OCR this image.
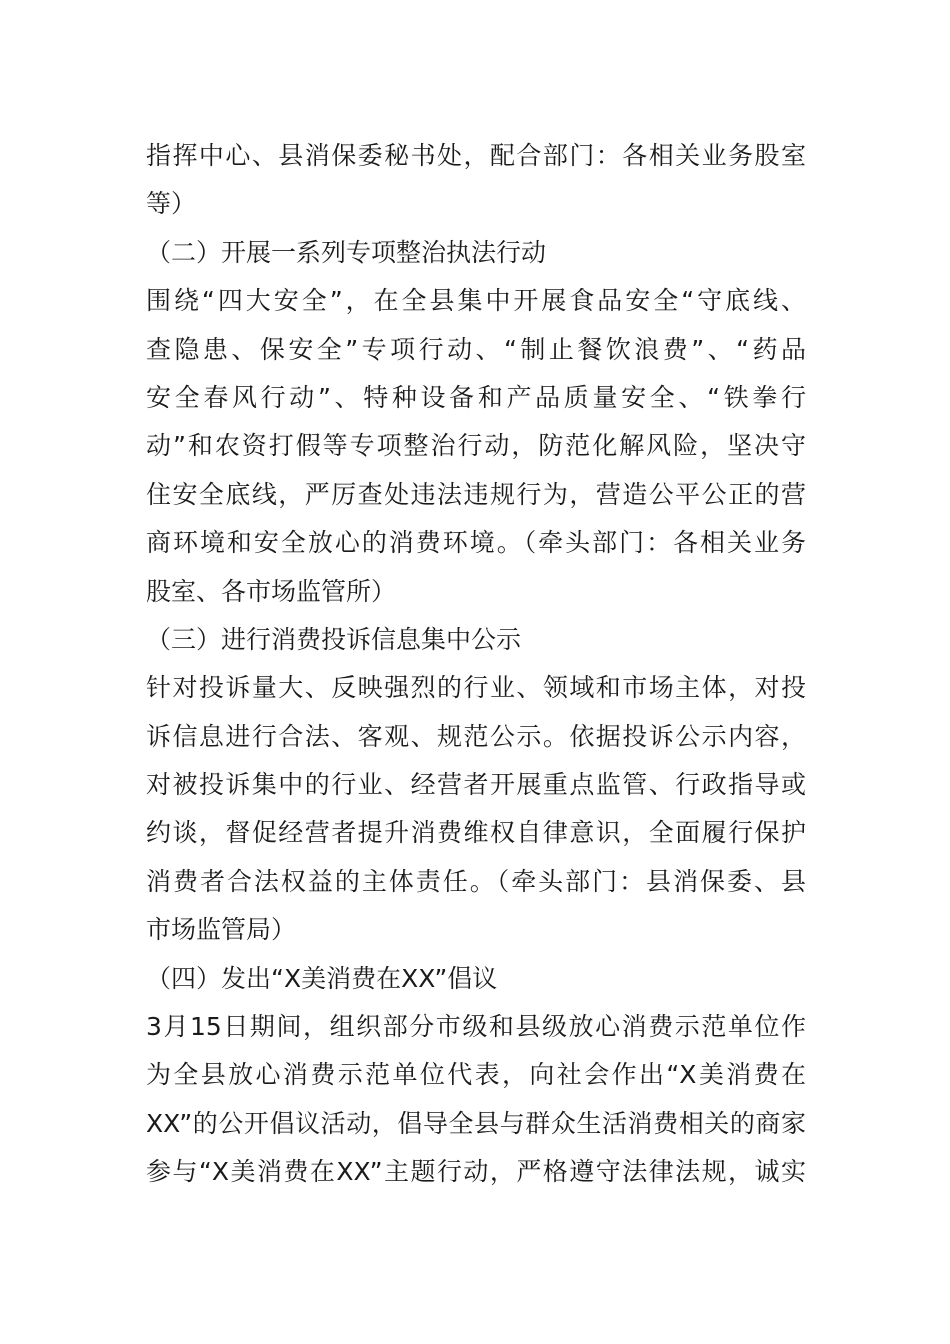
指挥中心、县消保委秘书处，配合部门：各相关业务股室
等）
（二）开展一系列专项整治执法行动
围绕“四大安全”，在全县集中开展食品安全“守底线、
查隐患、保安全”专项行动、“制止餐饮浪费”、“药品
安全春风行动”、特种设备和产品质量安全、“铁拳行
动”和农资打假等专项整治行动，防范化解风险，坚决守
住安全底线，严厉查处违法违规行为，营造公平公正的营
商环境和安全放心的消费环境。（牵头部门：各相关业务
股室、各市场监管所）
（三）进行消费投诉信息集中公示
针对投诉量大、反映强烈的行业、领域和市场主体，对投
诉信息进行合法、客观、规范公示。依据投诉公示内容，
对被投诉集中的行业、经营者开展重点监管、行政指导或
约谈，督促经营者提升消费维权自律意识，全面履行保护
消费者合法权益的主体责任。（牵头部门：县消保委、县
市场监管局）
（四）发出“X美消费在XX”倡议
3月15日期间，组织部分市级和县级放心消费示范单位作
为全县放心消费示范单位代表，向社会作出“X美消费在
XX”的公开倡议活动，倡导全县与群众生活消费相关的商家
参与“X美消费在XX”主题行动，严格遵守法律法规，诚实
